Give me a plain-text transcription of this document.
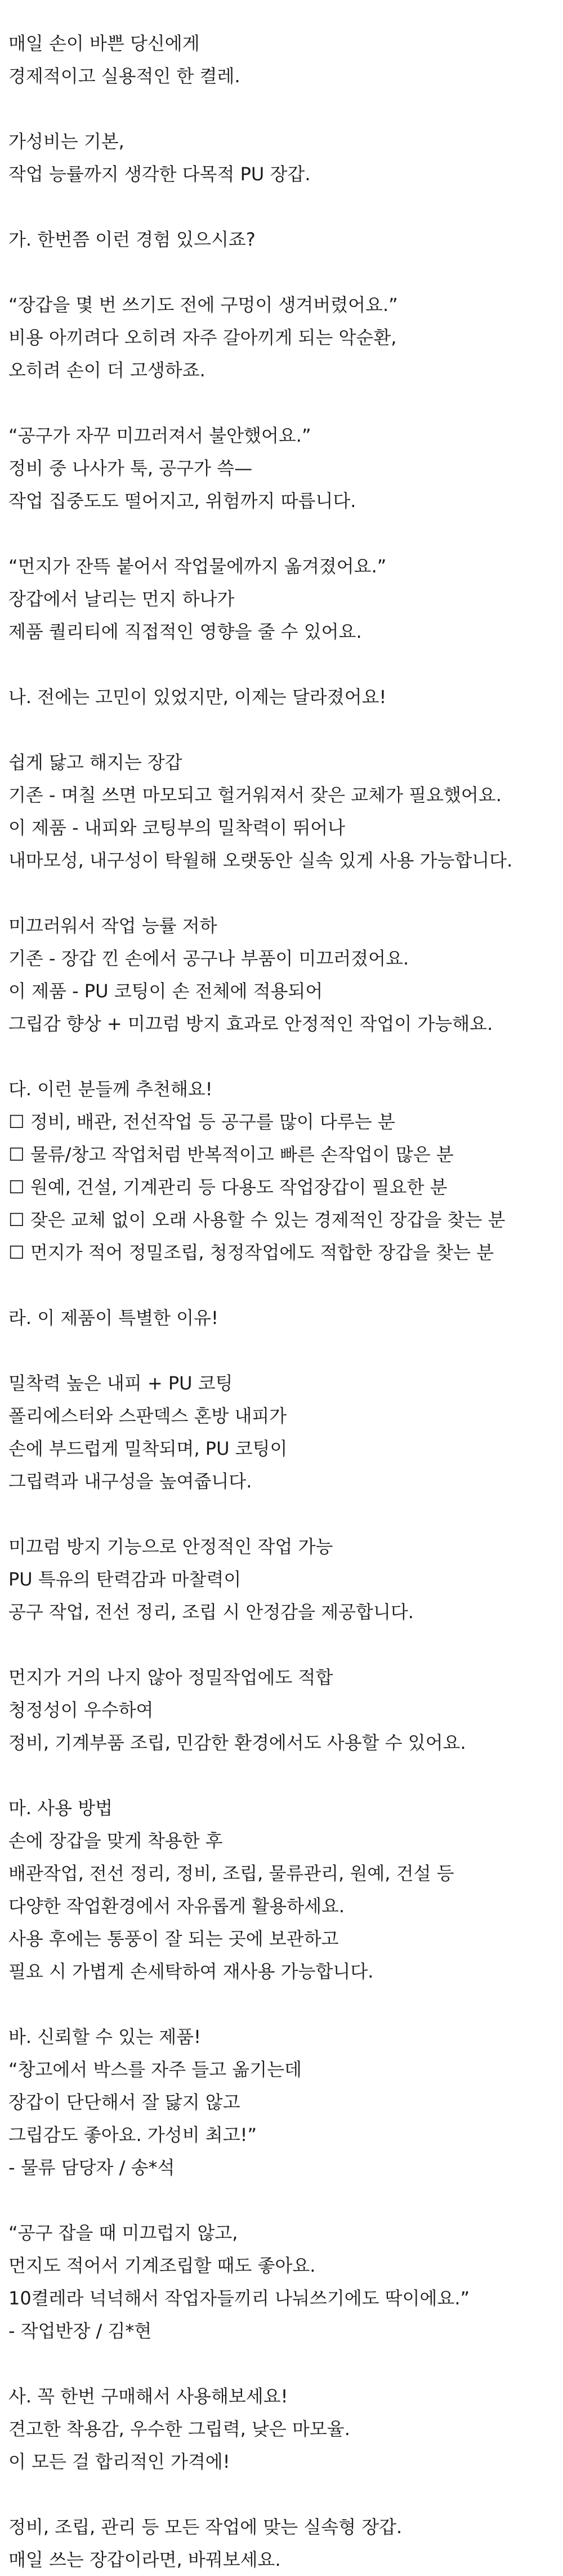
매일 손이 바쁜 당신에게
경제적이고 실용적인 한 켤레.
가성비는 기본,
작업 능률까지 생각한 다목적 PU 장갑.
가. 한번쯤 이런 경험 있으시죠?
“장갑을 몇 번 쓰기도 전에 구멍이 생겨버렸어요.”
비용 아끼려다 오히려 자주 갈아끼게 되는 악순환,
오히려 손이 더 고생하죠.
“공구가 자꾸 미끄러져서 불안했어요.”
정비 중 나사가 툭, 공구가 쓱—
작업 집중도도 떨어지고, 위험까지 따릅니다.
“먼지가 잔뜩 붙어서 작업물에까지 옮겨졌어요.”
장갑에서 날리는 먼지 하나가
제품 퀄리티에 직접적인 영향을 줄 수 있어요.
나. 전에는 고민이 있었지만, 이제는 달라졌어요!
쉽게 닳고 해지는 장갑
기존 - 며칠 쓰면 마모되고 헐거워져서 잦은 교체가 필요했어요.
이 제품 - 내피와 코팅부의 밀착력이 뛰어나
내마모성, 내구성이 탁월해 오랫동안 실속 있게 사용 가능합니다.
미끄러워서 작업 능률 저하
기존 - 장갑 낀 손에서 공구나 부품이 미끄러졌어요.
이 제품 - PU 코팅이 손 전체에 적용되어
그립감 향상 + 미끄럼 방지 효과로 안정적인 작업이 가능해요.
다. 이런 분들께 추천해요!
☐ 정비, 배관, 전선작업 등 공구를 많이 다루는 분
☐ 물류/창고 작업처럼 반복적이고 빠른 손작업이 많은 분
☐ 원예, 건설, 기계관리 등 다용도 작업장갑이 필요한 분
☐ 잦은 교체 없이 오래 사용할 수 있는 경제적인 장갑을 찾는 분
☐ 먼지가 적어 정밀조립, 청정작업에도 적합한 장갑을 찾는 분
라. 이 제품이 특별한 이유!
밀착력 높은 내피 + PU 코팅
폴리에스터와 스판덱스 혼방 내피가
손에 부드럽게 밀착되며, PU 코팅이
그립력과 내구성을 높여줍니다.
미끄럼 방지 기능으로 안정적인 작업 가능
PU 특유의 탄력감과 마찰력이
공구 작업, 전선 정리, 조립 시 안정감을 제공합니다.
먼지가 거의 나지 않아 정밀작업에도 적합
청정성이 우수하여
정비, 기계부품 조립, 민감한 환경에서도 사용할 수 있어요.
마. 사용 방법
손에 장갑을 맞게 착용한 후
배관작업, 전선 정리, 정비, 조립, 물류관리, 원예, 건설 등
다양한 작업환경에서 자유롭게 활용하세요.
사용 후에는 통풍이 잘 되는 곳에 보관하고
필요 시 가볍게 손세탁하여 재사용 가능합니다.
바. 신뢰할 수 있는 제품!
“창고에서 박스를 자주 들고 옮기는데
장갑이 단단해서 잘 닳지 않고
그립감도 좋아요. 가성비 최고!”
- 물류 담당자 / 송*석
“공구 잡을 때 미끄럽지 않고,
먼지도 적어서 기계조립할 때도 좋아요.
10켤레라 넉넉해서 작업자들끼리 나눠쓰기에도 딱이에요.”
- 작업반장 / 김*현
사. 꼭 한번 구매해서 사용해보세요!
견고한 착용감, 우수한 그립력, 낮은 마모율.
이 모든 걸 합리적인 가격에!
정비, 조립, 관리 등 모든 작업에 맞는 실속형 장갑.
매일 쓰는 장갑이라면, 바꿔보세요.
